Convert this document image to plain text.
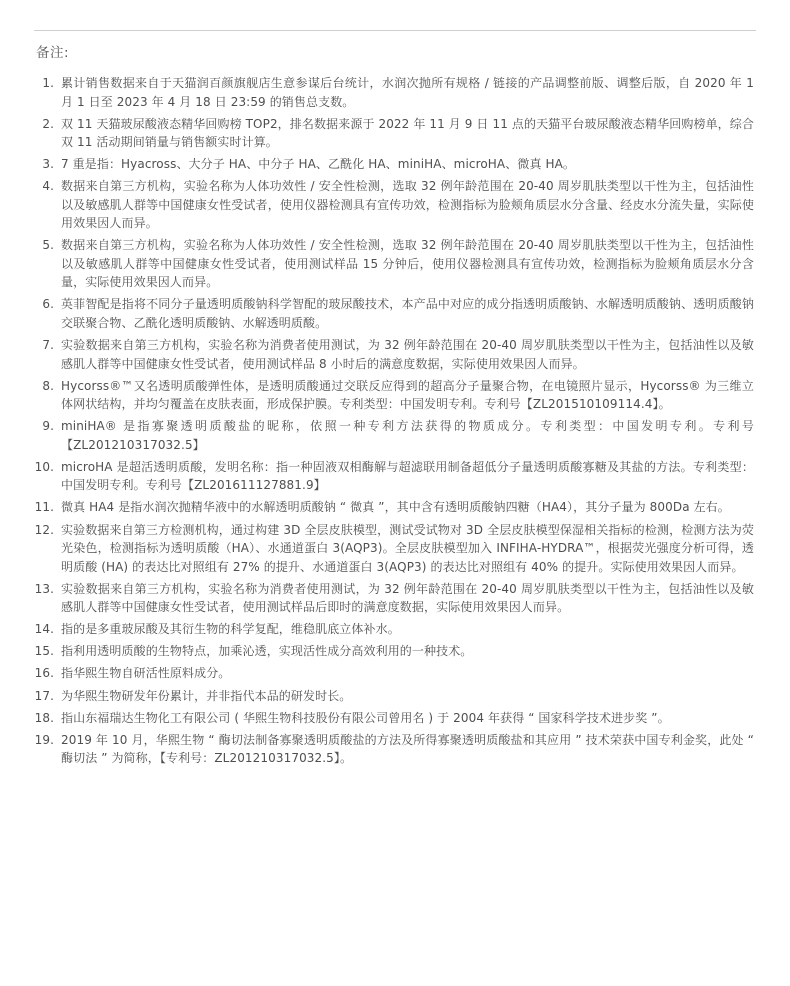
备注:
1. 累计销售数据来自于天猫润百颜旗舰店生意参谋后台统计，水润次抛所有规格 / 链接的产品调整前版、调整后版，自 2020 年 1 月 1 日至 2023 年 4 月 18 日 23:59 的销售总支数。
2. 双 11 天猫玻尿酸液态精华回购榜 TOP2，排名数据来源于 2022 年 11 月 9 日 11 点的天猫平台玻尿酸液态精华回购榜单，综合双 11 活动期间销量与销售额实时计算。
3. 7 重是指：Hyacross、大分子 HA、中分子 HA、乙酰化 HA、miniHA、microHA、微真 HA。
4. 数据来自第三方机构，实验名称为人体功效性 / 安全性检测，选取 32 例年龄范围在 20-40 周岁肌肤类型以干性为主，包括油性以及敏感肌人群等中国健康女性受试者，使用仪器检测具有宣传功效，检测指标为脸颊角质层水分含量、经皮水分流失量，实际使用效果因人而异。
5. 数据来自第三方机构，实验名称为人体功效性 / 安全性检测，选取 32 例年龄范围在 20-40 周岁肌肤类型以干性为主，包括油性以及敏感肌人群等中国健康女性受试者，使用测试样品 15 分钟后，使用仪器检测具有宣传功效，检测指标为脸颊角质层水分含量，实际使用效果因人而异。
6. 英菲智配是指将不同分子量透明质酸钠科学智配的玻尿酸技术，本产品中对应的成分指透明质酸钠、水解透明质酸钠、透明质酸钠交联聚合物、乙酰化透明质酸钠、水解透明质酸。
7. 实验数据来自第三方机构，实验名称为消费者使用测试，为 32 例年龄范围在 20-40 周岁肌肤类型以干性为主，包括油性以及敏感肌人群等中国健康女性受试者，使用测试样品 8 小时后的满意度数据，实际使用效果因人而异。
8. Hycorss®™又名透明质酸弹性体，是透明质酸通过交联反应得到的超高分子量聚合物，在电镜照片显示，Hycorss® 为三维立体网状结构，并均匀覆盖在皮肤表面，形成保护膜。专利类型：中国发明专利。专利号【ZL201510109114.4】。
9. miniHA® 是指寡聚透明质酸盐的昵称，依照一种专利方法获得的物质成分。专利类型：中国发明专利。专利号【ZL201210317032.5】
10. microHA 是超活透明质酸，发明名称：指一种固液双相酶解与超滤联用制备超低分子量透明质酸寡糖及其盐的方法。专利类型：中国发明专利。专利号【ZL201611127881.9】
11. 微真 HA4 是指水润次抛精华液中的水解透明质酸钠 “ 微真 ”，其中含有透明质酸钠四糖（HA4），其分子量为 800Da 左右。
12. 实验数据来自第三方检测机构，通过构建 3D 全层皮肤模型，测试受试物对 3D 全层皮肤模型保湿相关指标的检测，检测方法为荧光染色，检测指标为透明质酸（HA）、水通道蛋白 3(AQP3)。全层皮肤模型加入 INFIHA-HYDRA™，根据荧光强度分析可得，透明质酸 (HA) 的表达比对照组有 27% 的提升、水通道蛋白 3(AQP3) 的表达比对照组有 40% 的提升。实际使用效果因人而异。
13. 实验数据来自第三方机构，实验名称为消费者使用测试，为 32 例年龄范围在 20-40 周岁肌肤类型以干性为主，包括油性以及敏感肌人群等中国健康女性受试者，使用测试样品后即时的满意度数据，实际使用效果因人而异。
14. 指的是多重玻尿酸及其衍生物的科学复配，维稳肌底立体补水。
15. 指利用透明质酸的生物特点，加乘沁透，实现活性成分高效利用的一种技术。
16. 指华熙生物自研活性原料成分。
17. 为华熙生物研发年份累计，并非指代本品的研发时长。
18. 指山东福瑞达生物化工有限公司 ( 华熙生物科技股份有限公司曾用名 ) 于 2004 年获得 “ 国家科学技术进步奖 ”。
19. 2019 年 10 月，华熙生物 “ 酶切法制备寡聚透明质酸盐的方法及所得寡聚透明质酸盐和其应用 ” 技术荣获中国专利金奖，此处 “ 酶切法 ” 为简称，【专利号：ZL201210317032.5】。
